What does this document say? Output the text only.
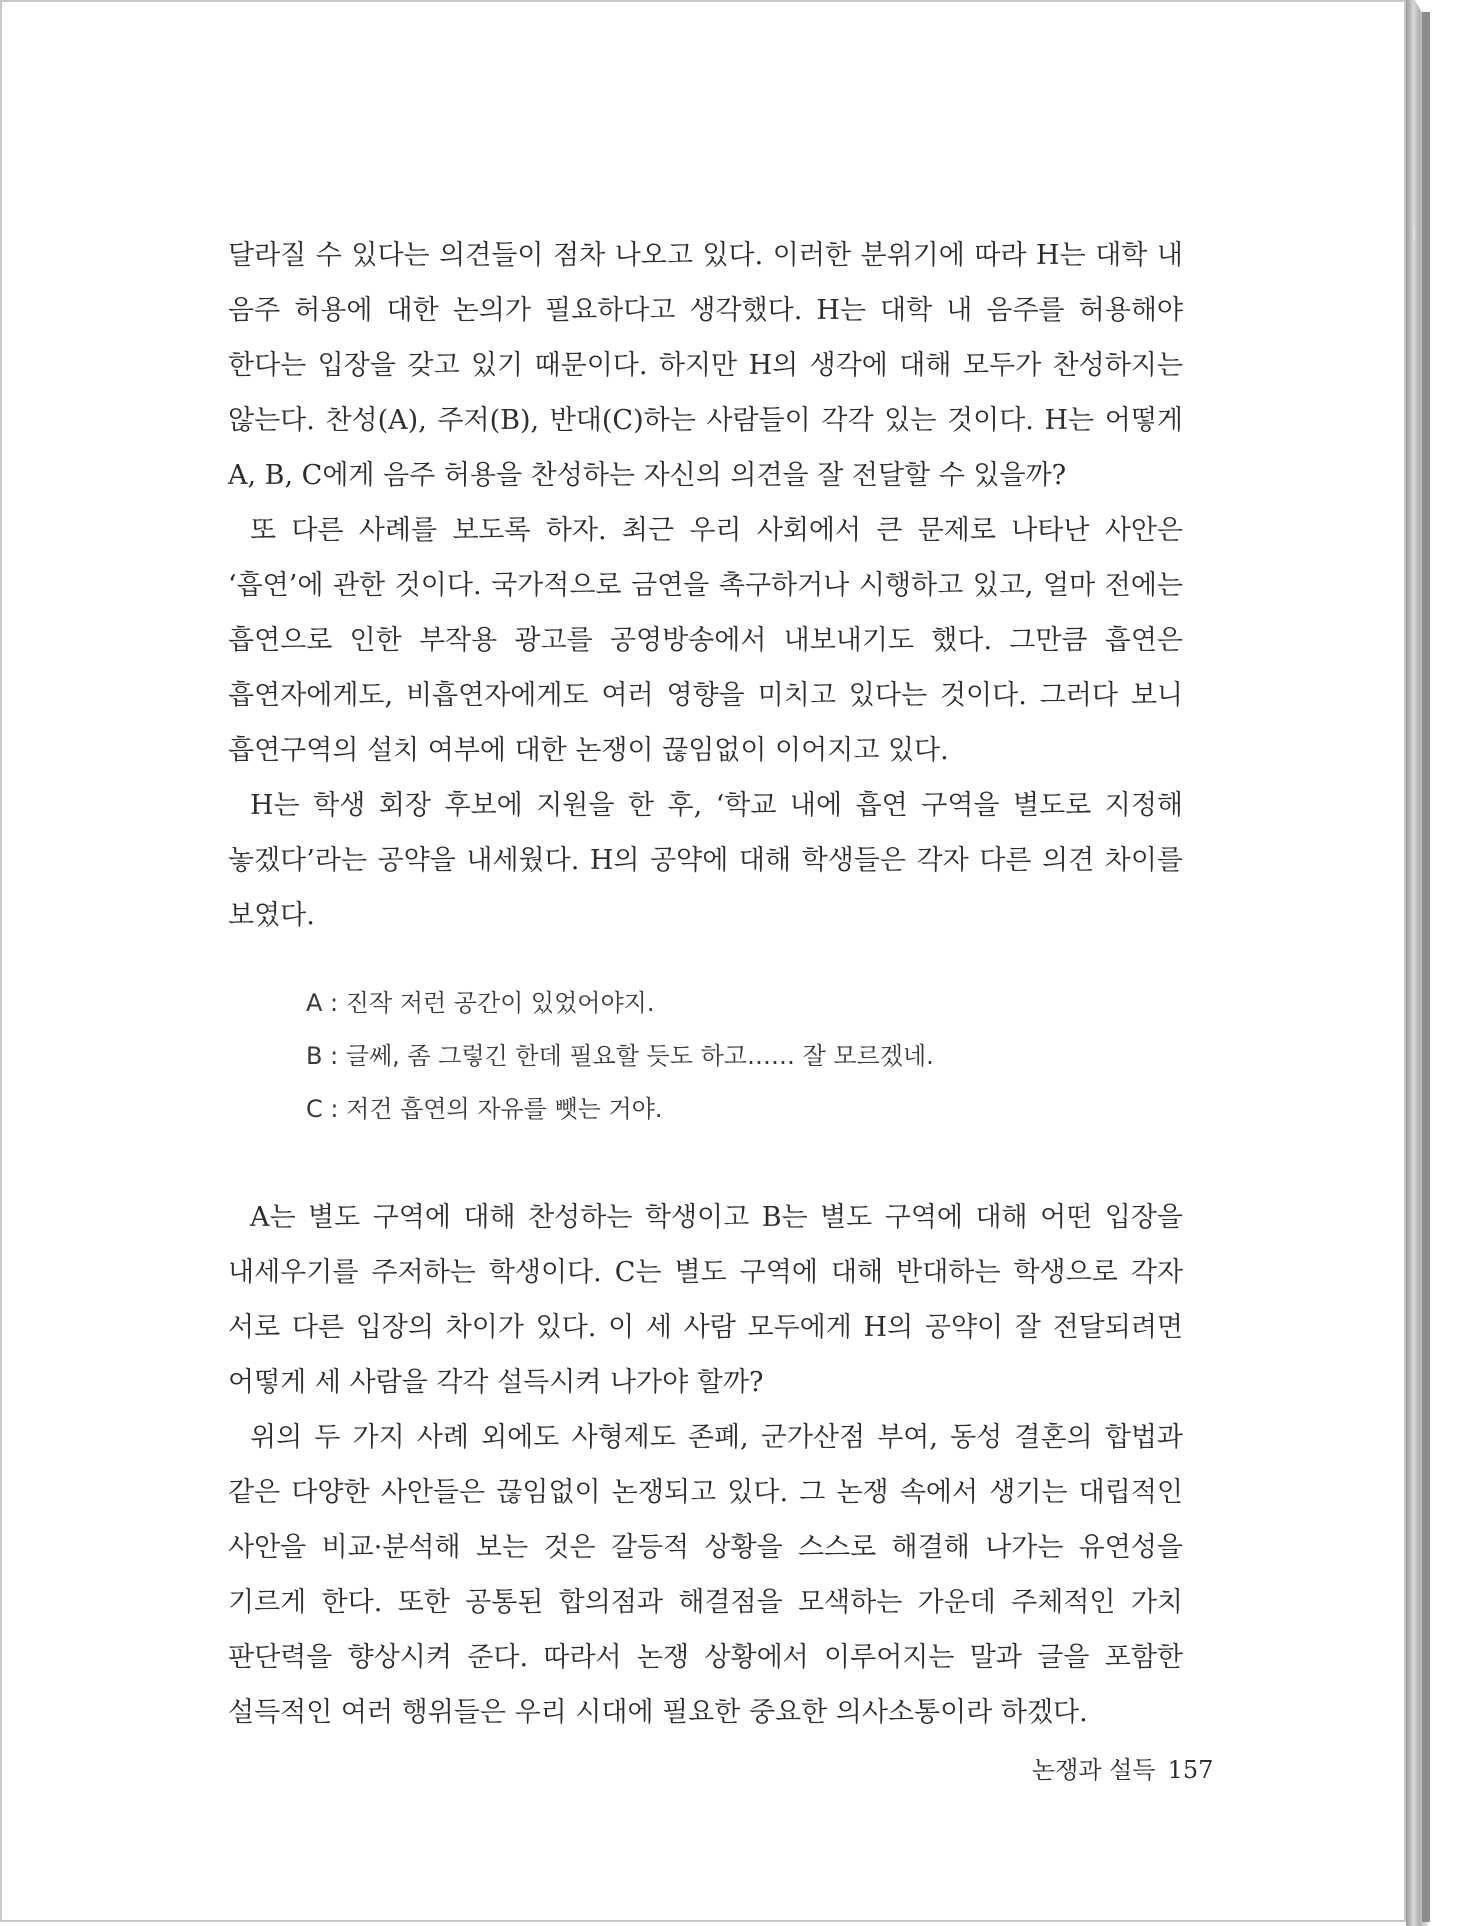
달라질 수 있다는 의견들이 점차 나오고 있다. 이러한 분위기에 따라 H는 대학 내 음주 허용에 대한 논의가 필요하다고 생각했다. H는 대학 내 음주를 허용해야 한다는 입장을 갖고 있기 때문이다. 하지만 H의 생각에 대해 모두가 찬성하지는 않는다. 찬성(A), 주저(B), 반대(C)하는 사람들이 각각 있는 것이다. H는 어떻게 A, B, C에게 음주 허용을 찬성하는 자신의 의견을 잘 전달할 수 있을까?

또 다른 사례를 보도록 하자. 최근 우리 사회에서 큰 문제로 나타난 사안은 ‘흡연’에 관한 것이다. 국가적으로 금연을 촉구하거나 시행하고 있고, 얼마 전에는 흡연으로 인한 부작용 광고를 공영방송에서 내보내기도 했다. 그만큼 흡연은 흡연자에게도, 비흡연자에게도 여러 영향을 미치고 있다는 것이다. 그러다 보니 흡연구역의 설치 여부에 대한 논쟁이 끊임없이 이어지고 있다.

H는 학생 회장 후보에 지원을 한 후, ‘학교 내에 흡연 구역을 별도로 지정해 놓겠다’라는 공약을 내세웠다. H의 공약에 대해 학생들은 각자 다른 의견 차이를 보였다.

A : 진작 저런 공간이 있었어야지.
B : 글쎄, 좀 그렇긴 한데 필요할 듯도 하고…… 잘 모르겠네.
C : 저건 흡연의 자유를 뺏는 거야.

A는 별도 구역에 대해 찬성하는 학생이고 B는 별도 구역에 대해 어떤 입장을 내세우기를 주저하는 학생이다. C는 별도 구역에 대해 반대하는 학생으로 각자 서로 다른 입장의 차이가 있다. 이 세 사람 모두에게 H의 공약이 잘 전달되려면 어떻게 세 사람을 각각 설득시켜 나가야 할까?

위의 두 가지 사례 외에도 사형제도 존폐, 군가산점 부여, 동성 결혼의 합법과 같은 다양한 사안들은 끊임없이 논쟁되고 있다. 그 논쟁 속에서 생기는 대립적인 사안을 비교·분석해 보는 것은 갈등적 상황을 스스로 해결해 나가는 유연성을 기르게 한다. 또한 공통된 합의점과 해결점을 모색하는 가운데 주체적인 가치 판단력을 향상시켜 준다. 따라서 논쟁 상황에서 이루어지는 말과 글을 포함한 설득적인 여러 행위들은 우리 시대에 필요한 중요한 의사소통이라 하겠다.

논쟁과 설득 157
